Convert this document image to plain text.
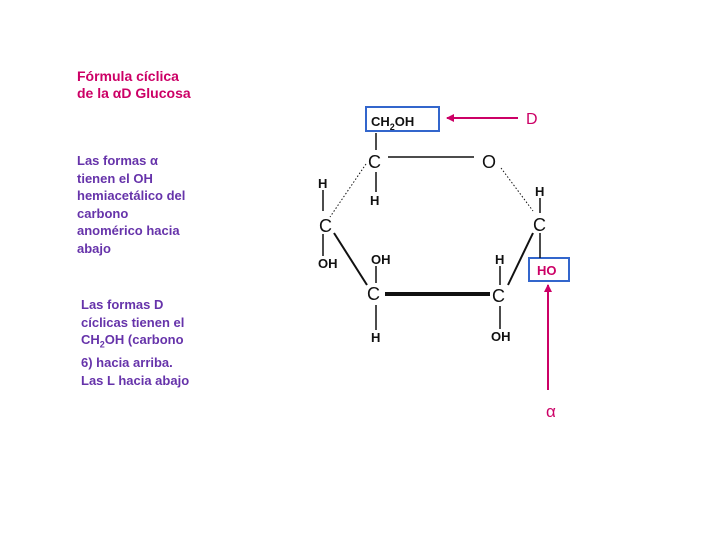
Fórmula cíclica
de la αD Glucosa
Las formas α
tienen el OH
hemiacetálico del
carbono
anomérico hacia
abajo
Las formas D
cíclicas tienen el
$CH_2OH$ (carbono
6) hacia arriba.
Las L hacia abajo
$CH_2OH$	D
HO
α
C	O
C
C
C	C
H
H
OH	OH
H
H
OH
H
